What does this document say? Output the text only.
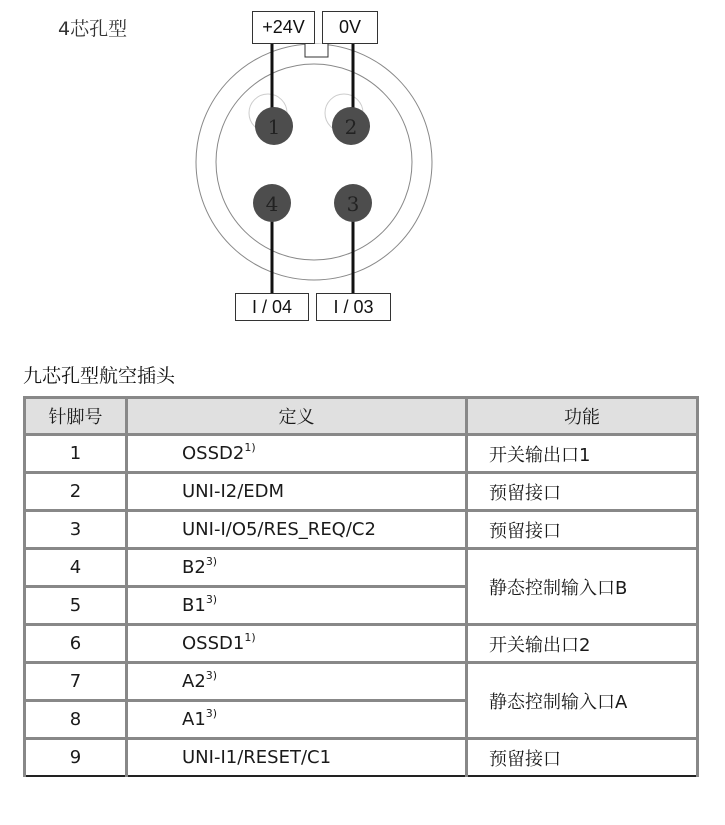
4芯孔型
1	2
3
4
+24V	0V
I / 04	I / 03
九芯孔型航空插头
针脚号	定义	功能
1	OSSD2$^{1)}$	开关输出口1
2	UNI-I2/EDM	预留接口
3	UNI-I/O5/RES_REQ/C2	预留接口
4	B2$^{3)}$	静态控制输入口B
5	B1$^{3)}$
6	OSSD1$^{1)}$	开关输出口2
7	A2$^{3)}$	静态控制输入口A
8	A1$^{3)}$
9	UNI-I1/RESET/C1	预留接口
